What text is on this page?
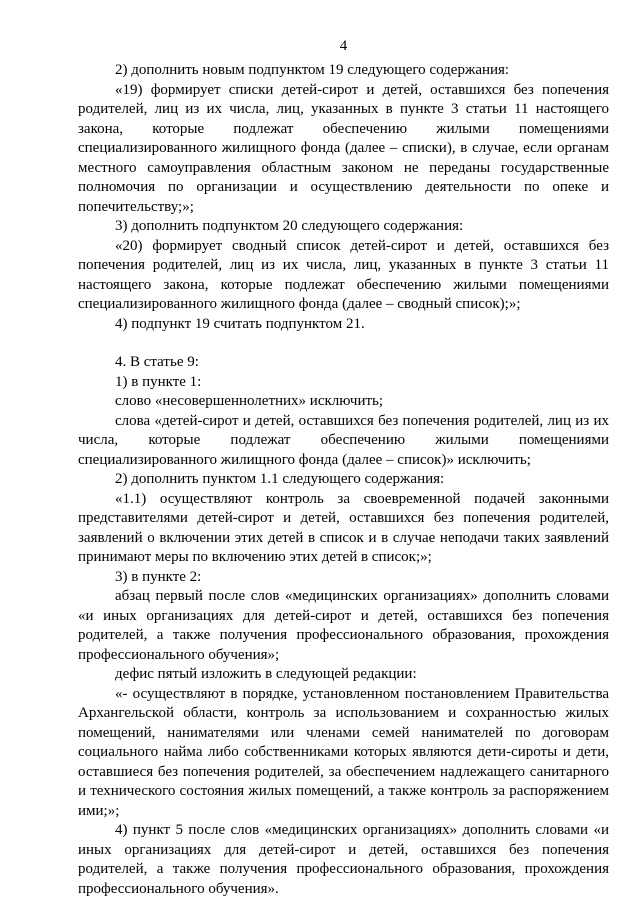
4

2) дополнить новым подпунктом 19 следующего содержания:

«19) формирует списки детей-сирот и детей, оставшихся без попечения родителей, лиц из их числа, лиц, указанных в пункте 3 статьи 11 настоящего закона, которые подлежат обеспечению жилыми помещениями специализированного жилищного фонда (далее – списки), в случае, если органам местного самоуправления областным законом не переданы государственные полномочия по организации и осуществлению деятельности по опеке и попечительству;»;

3) дополнить подпунктом 20 следующего содержания:

«20) формирует сводный список детей-сирот и детей, оставшихся без попечения родителей, лиц из их числа, лиц, указанных в пункте 3 статьи 11 настоящего закона, которые подлежат обеспечению жилыми помещениями специализированного жилищного фонда (далее – сводный список);»;

4) подпункт 19 считать подпунктом 21.

4. В статье 9:

1) в пункте 1:

слово «несовершеннолетних» исключить;

слова «детей-сирот и детей, оставшихся без попечения родителей, лиц из их числа, которые подлежат обеспечению жилыми помещениями специализированного жилищного фонда (далее – список)» исключить;

2) дополнить пунктом 1.1 следующего содержания:

«1.1) осуществляют контроль за своевременной подачей законными представителями детей-сирот и детей, оставшихся без попечения родителей, заявлений о включении этих детей в список и в случае неподачи таких заявлений принимают меры по включению этих детей в список;»;

3) в пункте 2:

абзац первый после слов «медицинских организациях» дополнить словами «и иных организациях для детей-сирот и детей, оставшихся без попечения родителей, а также получения профессионального образования, прохождения профессионального обучения»;

дефис пятый изложить в следующей редакции:

«- осуществляют в порядке, установленном постановлением Правительства Архангельской области, контроль за использованием и сохранностью жилых помещений, нанимателями или членами семей нанимателей по договорам социального найма либо собственниками которых являются дети-сироты и дети, оставшиеся без попечения родителей, за обеспечением надлежащего санитарного и технического состояния жилых помещений, а также контроль за распоряжением ими;»;

4) пункт 5 после слов «медицинских организациях» дополнить словами «и иных организациях для детей-сирот и детей, оставшихся без попечения родителей, а также получения профессионального образования, прохождения профессионального обучения».
